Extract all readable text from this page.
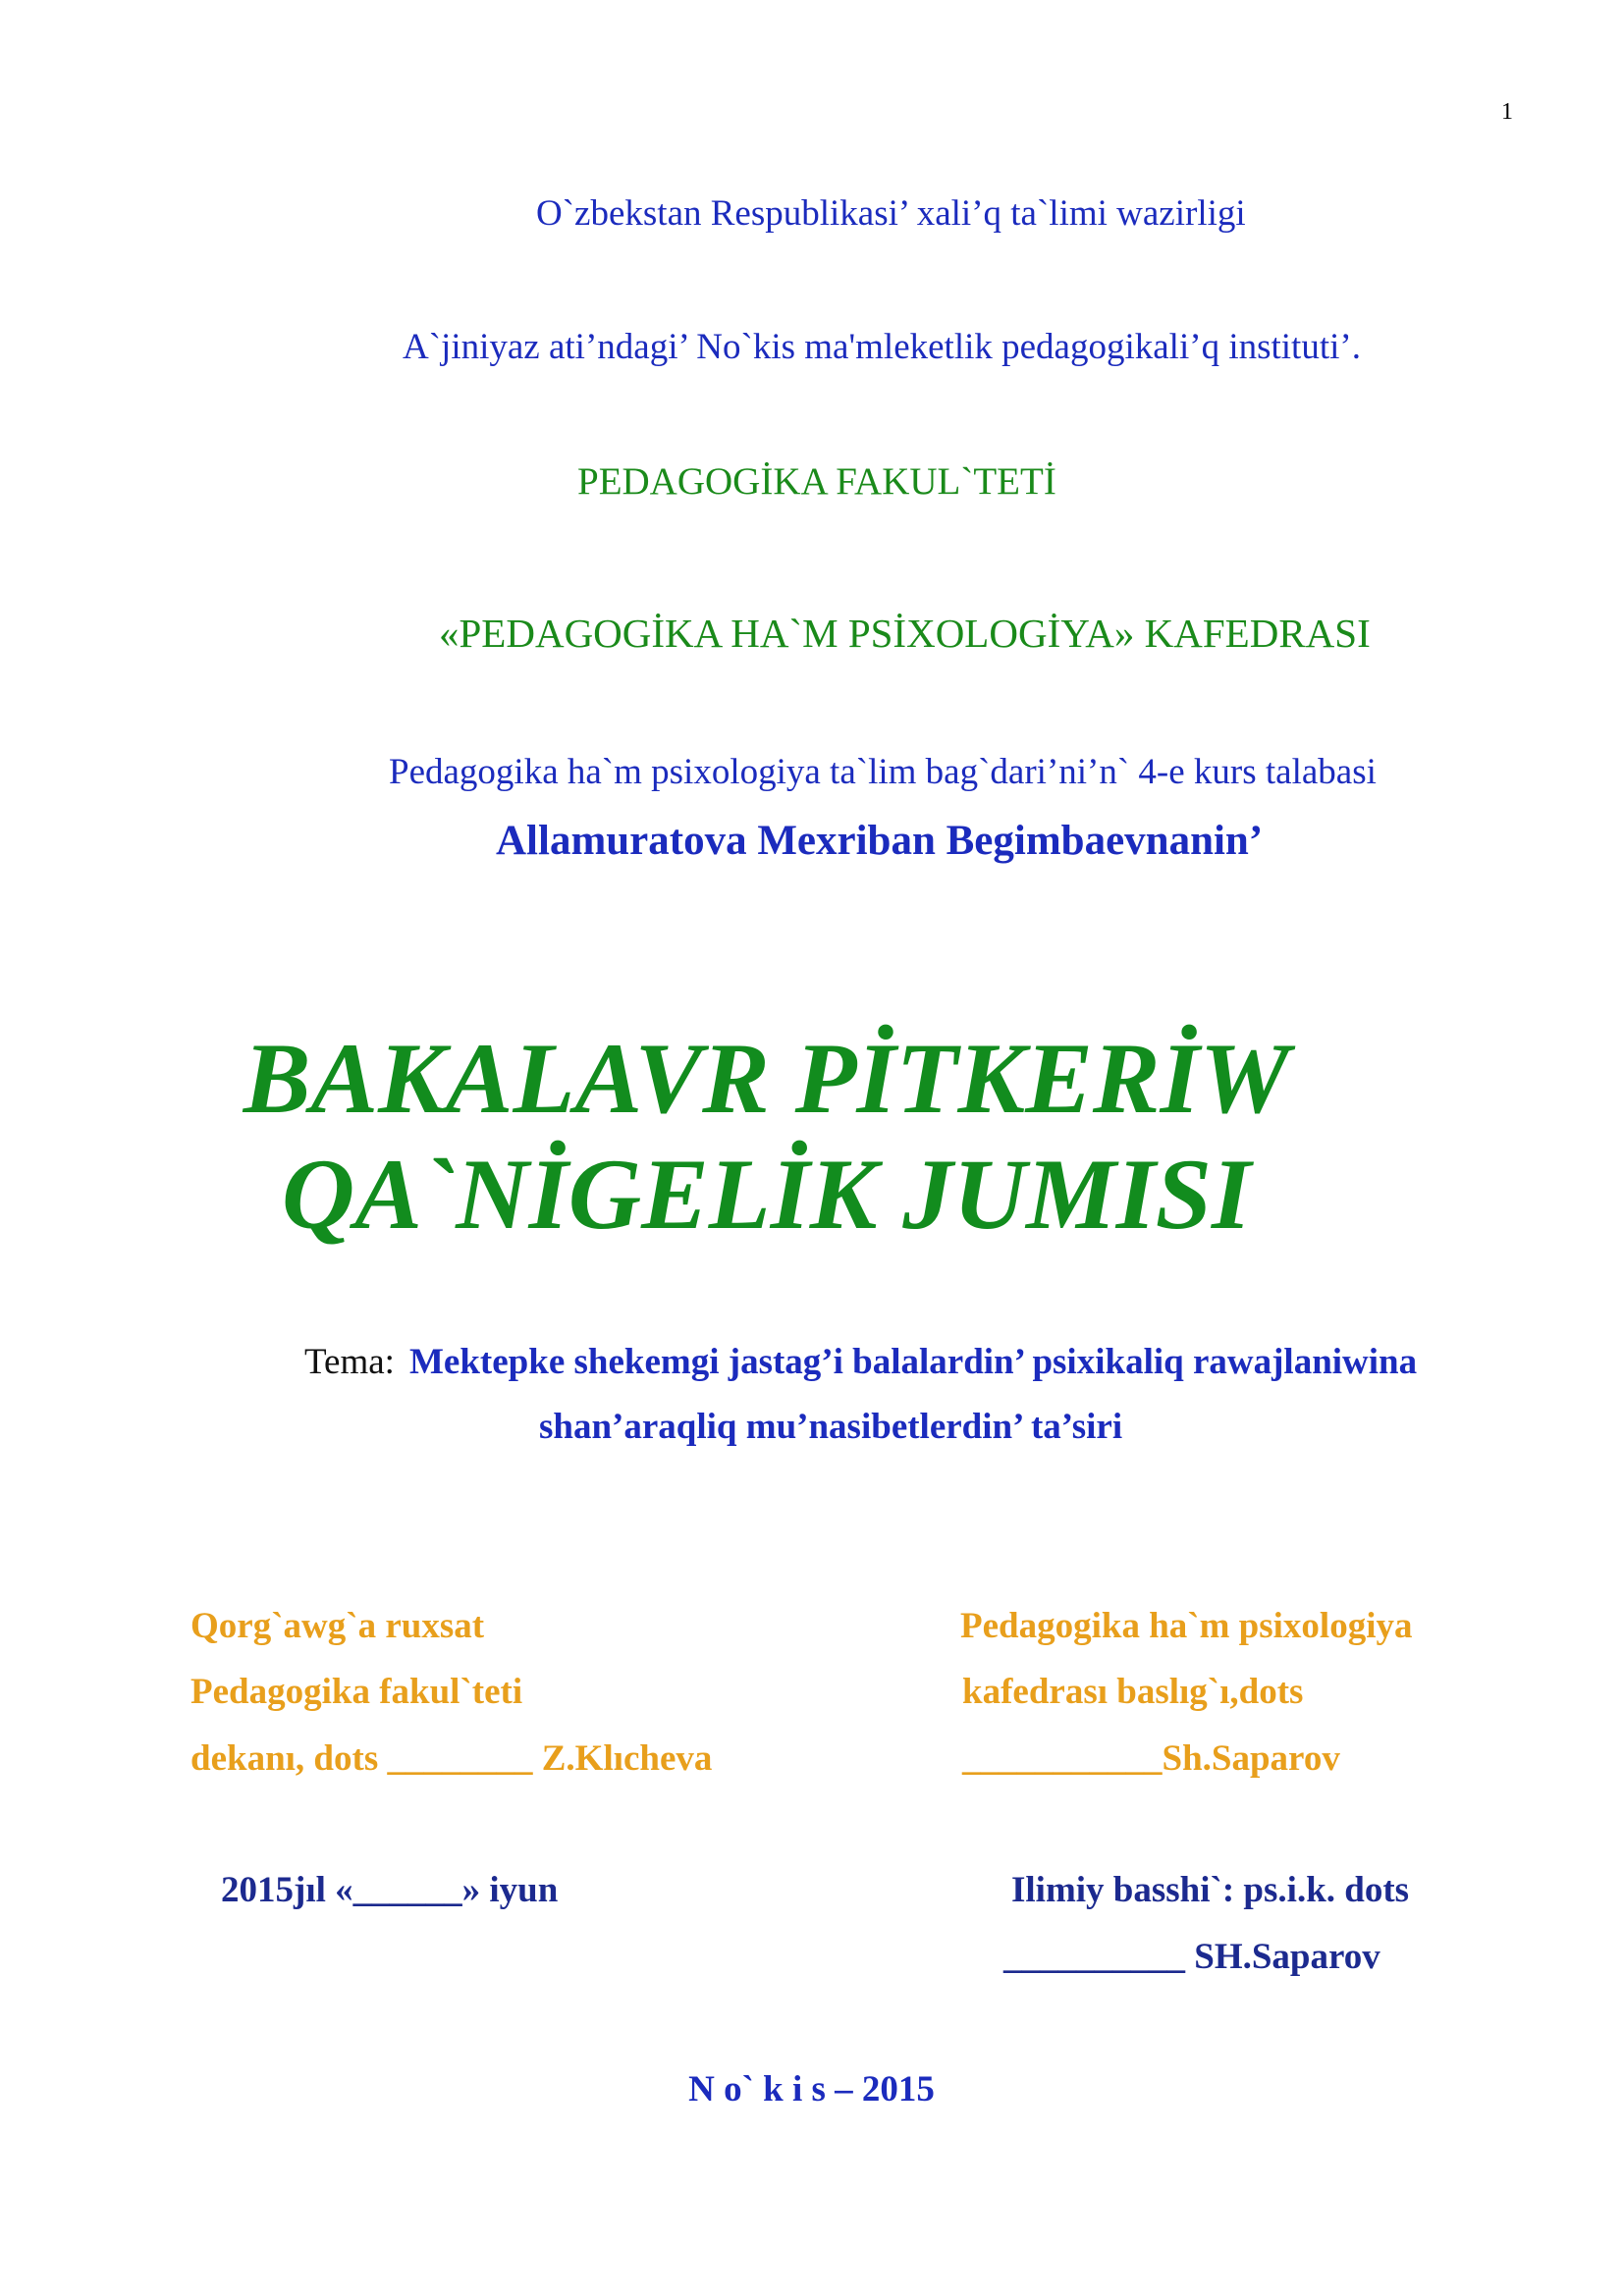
1
O`zbekstan Respublikasi’ xali’q ta`limi wazirligi
A`jiniyaz ati’ndagi’ No`kis ma'mleketlik pedagogikali’q instituti’.
PEDAGOGİKA FAKUL`TETİ
«PEDAGOGİKA HA`M PSİXOLOGİYA» KAFEDRASI
Pedagogika ha`m psixologiya ta`lim bag`dari’ni’n` 4-e kurs talabasi
Allamuratova Mexriban Begimbaevnanin’
BAKALAVR PİTKERİW
QA`NİGELİK JUMISI
Tema: Mektepke shekemgi jastag’i balalardin’ psixikaliq rawajlaniwina
shan’araqliq mu’nasibetlerdin’ ta’siri
Qorg`awg`a ruxsat
Pedagogika fakul`teti
dekanı, dots ________ Z.Klıcheva
Pedagogika ha`m psixologiya
kafedrası baslıg`ı,dots
___________Sh.Saparov
2015jıl «______» iyun	Ilimiy basshi`: ps.i.k. dots
__________ SH.Saparov
N o` k i s – 2015
